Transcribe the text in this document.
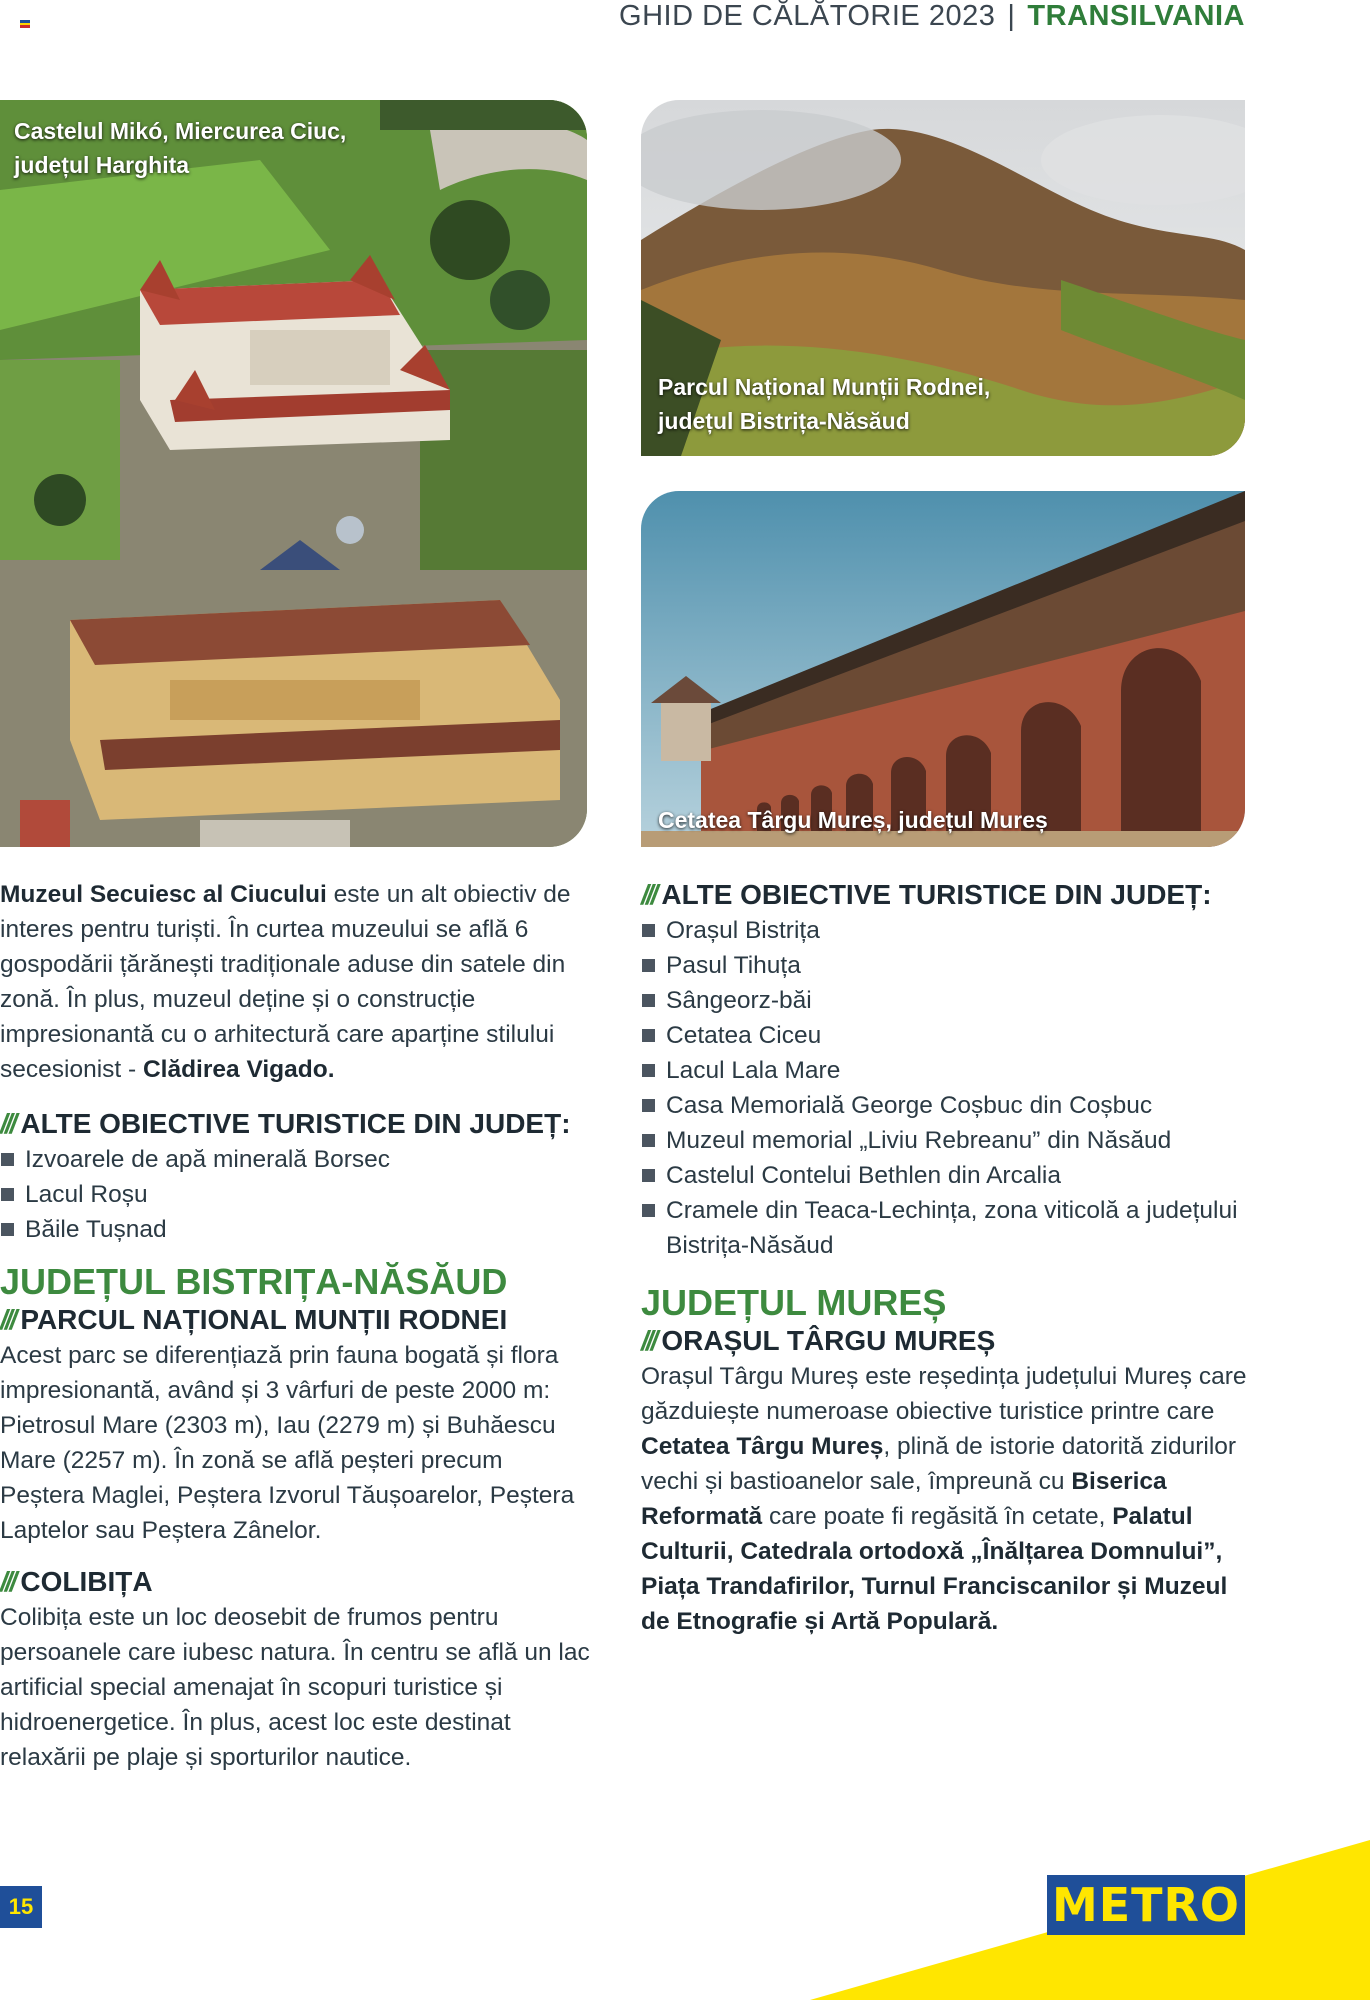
GHID DE CĂLĂTORIE 2023 | TRANSILVANIA
Castelul Mikó, Miercurea Ciuc,
județul Harghita
Parcul Național Munții Rodnei,
județul Bistrița-Năsăud
Cetatea Târgu Mureș, județul Mureș

Muzeul Secuiesc al Ciucului este un alt obiectiv de interes pentru turiști. În curtea muzeului se află 6 gospodării țărănești tradiționale aduse din satele din zonă. În plus, muzeul deține și o construcție impresionantă cu o arhitectură care aparține stilului secesionist - Clădirea Vigado.

/// ALTE OBIECTIVE TURISTICE DIN JUDEȚ:
Izvoarele de apă minerală Borsec
Lacul Roșu
Băile Tușnad
JUDEȚUL BISTRIȚA-NĂSĂUD
/// PARCUL NAȚIONAL MUNȚII RODNEI

Acest parc se diferențiază prin fauna bogată și flora impresionantă, având și 3 vârfuri de peste 2000 m: Pietrosul Mare (2303 m), Iau (2279 m) și Buhăescu Mare (2257 m). În zonă se află peșteri precum Peștera Maglei, Peștera Izvorul Tăușoarelor, Peștera Laptelor sau Peștera Zânelor.

/// COLIBIȚA

Colibița este un loc deosebit de frumos pentru persoanele care iubesc natura. În centru se află un lac artificial special amenajat în scopuri turistice și hidroenergetice. În plus, acest loc este destinat relaxării pe plaje și sporturilor nautice.

/// ALTE OBIECTIVE TURISTICE DIN JUDEȚ:
Orașul Bistrița
Pasul Tihuța
Sângeorz-băi
Cetatea Ciceu
Lacul Lala Mare
Casa Memorială George Coșbuc din Coșbuc
Muzeul memorial „Liviu Rebreanu” din Năsăud
Castelul Contelui Bethlen din Arcalia
Cramele din Teaca-Lechința, zona viticolă a județului Bistrița-Năsăud
JUDEȚUL MUREȘ
/// ORAȘUL TÂRGU MUREȘ

Orașul Târgu Mureș este reședința județului Mureș care găzduiește numeroase obiective turistice printre care Cetatea Târgu Mureș, plină de istorie datorită zidurilor vechi și bastioanelor sale, împreună cu Biserica Reformată care poate fi regăsită în cetate, Palatul Culturii, Catedrala ortodoxă „Înălțarea Domnului”, Piața Trandafirilor, Turnul Franciscanilor și Muzeul de Etnografie și Artă Populară.

15	METRO
